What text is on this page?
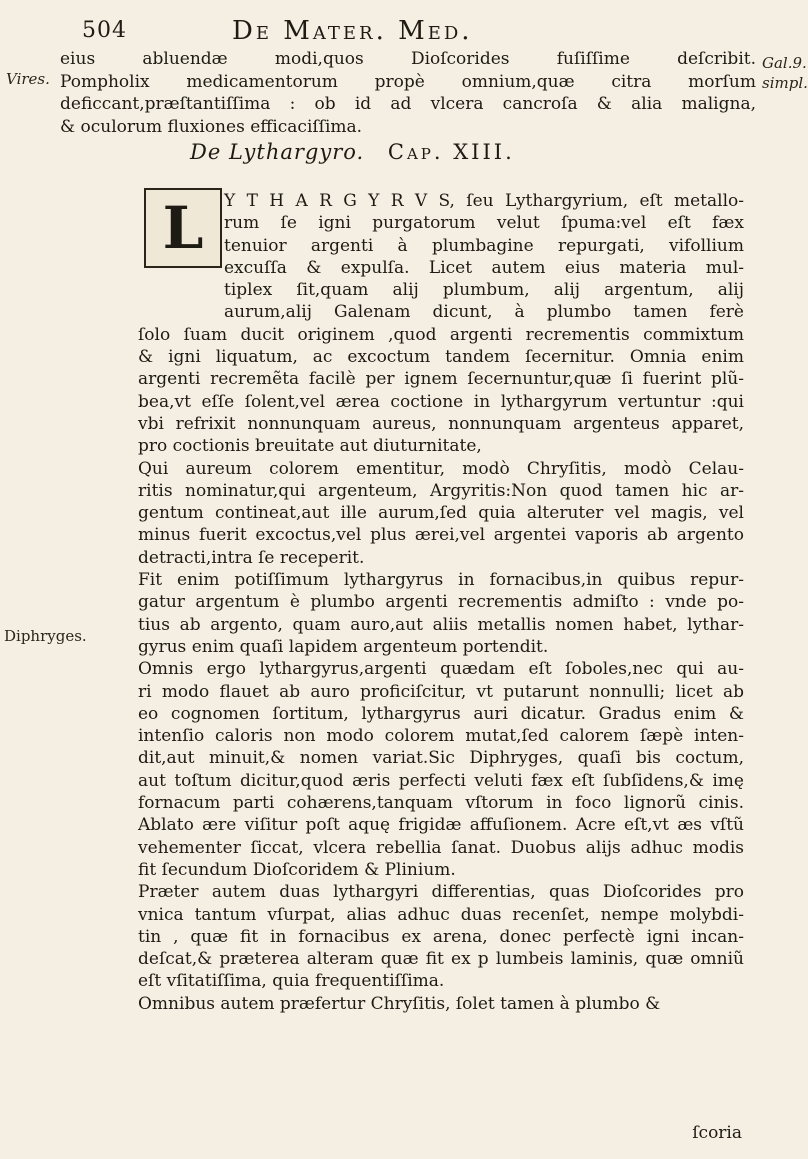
504	De Mater. Med.
Vires.
Gal.9.
simpl.
Diphryges.
eius abluendæ modi,quos Dioſcorides fuſiſſime deſcribit.
Pompholix medicamentorum propè omnium,quæ citra morſum
deficcant,præſtantiſſima : ob id ad vlcera cancroſa & alia maligna,
& oculorum fluxiones efficaciſſima.
De Lythargyro. Cap. XIII.
L	Y T H A R G Y R V S, ſeu Lythargyrium, eſt metallo-
rum ſe igni purgatorum velut ſpuma:vel eſt fæx
tenuior argenti à plumbagine repurgati, vifollium
excuſſa & expulſa. Licet autem eius materia mul-
tiplex ſit,quam alij plumbum, alij argentum, alij
aurum,alij Galenam dicunt, à plumbo tamen ferè
ſolo ſuam ducit originem ,quod argenti recrementis commixtum
& igni liquatum, ac excoctum tandem ſecernitur. Omnia enim
argenti recremẽta facilè per ignem ſecernuntur,quæ ſi fuerint plũ-
bea,vt eſſe ſolent,vel ærea coctione in lythargyrum vertuntur :qui
vbi refrixit nonnunquam aureus, nonnunquam argenteus apparet,
pro coctionis breuitate aut diuturnitate,
Qui aureum colorem ementitur, modò Chryſitis, modò Celau-
ritis nominatur,qui argenteum, Argyritis:Non quod tamen hic ar-
gentum contineat,aut ille aurum,ſed quia alteruter vel magis, vel
minus fuerit excoctus,vel plus ærei,vel argentei vaporis ab argento
detracti,intra ſe receperit.
Fit enim potiſſimum lythargyrus in fornacibus,in quibus repur-
gatur argentum è plumbo argenti recrementis admiſto : vnde po-
tius ab argento, quam auro,aut aliis metallis nomen habet, lythar-
gyrus enim quaſi lapidem argenteum portendit.
Omnis ergo lythargyrus,argenti quædam eſt ſoboles,nec qui au-
ri modo flauet ab auro proficiſcitur, vt putarunt nonnulli; licet ab
eo cognomen ſortitum, lythargyrus auri dicatur. Gradus enim &
intenſio caloris non modo colorem mutat,ſed calorem ſæpè inten-
dit,aut minuit,& nomen variat.Sic Diphryges, quaſi bis coctum,
aut toſtum dicitur,quod æris perfecti veluti fæx eſt ſubſidens,& imę
fornacum parti cohærens,tanquam vſtorum in foco lignorũ cinis.
Ablato ære viſitur poſt aquę frigidæ affuſionem. Acre eſt,vt æs vſtũ
vehementer ſiccat, vlcera rebellia ſanat. Duobus alijs adhuc modis
fit ſecundum Dioſcoridem & Plinium.
Præter autem duas lythargyri differentias, quas Dioſcorides pro
vnica tantum vſurpat, alias adhuc duas recenſet, nempe molybdi-
tin , quæ fit in fornacibus ex arena, donec perfectè igni incan-
deſcat,& præterea alteram quæ fit ex p lumbeis laminis, quæ omniũ
eſt vſitatiſſima, quia frequentiſſima.
Omnibus autem præfertur Chryſitis, ſolet tamen à plumbo &
ſcoria
